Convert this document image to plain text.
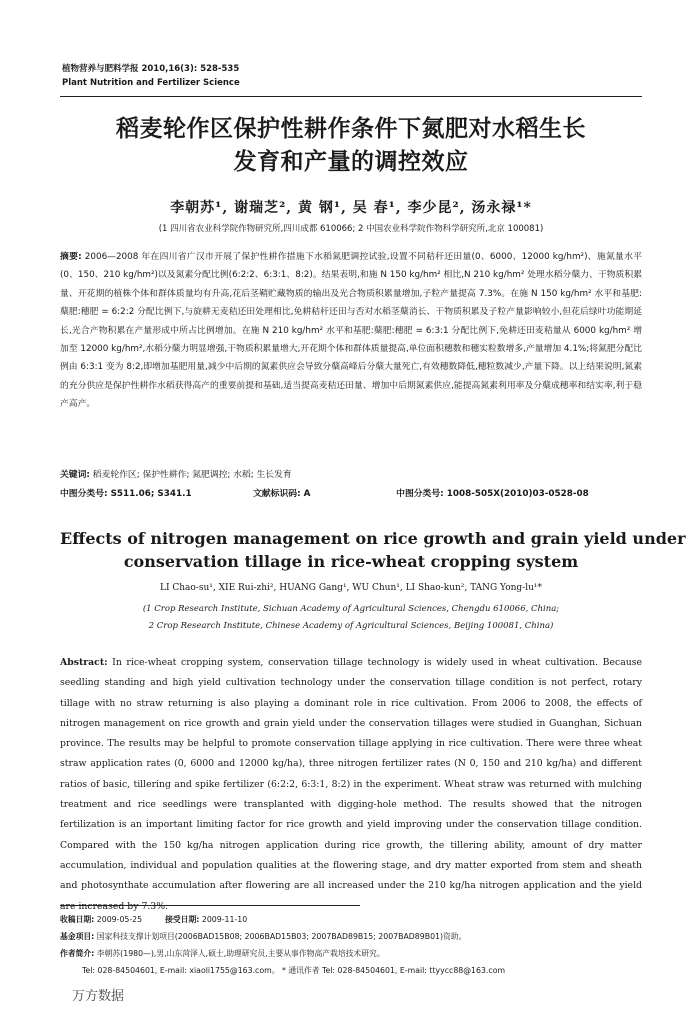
植物营养与肥料学报 2010,16(3): 528-535
Plant Nutrition and Fertilizer Science
稻麦轮作区保护性耕作条件下氮肥对水稻生长
发育和产量的调控效应
李朝苏¹, 谢瑞芝², 黄 钢¹, 吴 春¹, 李少昆², 汤永禄¹*
(1 四川省农业科学院作物研究所,四川成都 610066; 2 中国农业科学院作物科学研究所,北京 100081)
摘要: 2006—2008 年在四川省广汉市开展了保护性耕作措施下水稻氮肥调控试验,设置不同秸秆还田量(0、6000、12000 kg/hm²)、施氮量水平(0、150、210 kg/hm²)以及氮素分配比例(6:2:2、6:3:1、8:2)。结果表明,和施 N 150 kg/hm² 相比,N 210 kg/hm² 处理水稻分蘖力、干物质积累量、开花期的植株个体和群体质量均有升高,花后茎鞘贮藏物质的输出及光合物质积累量增加,子粒产量提高 7.3%。在施 N 150 kg/hm² 水平和基肥:蘖肥:穗肥 = 6:2:2 分配比例下,与旋耕无麦秸还田处理相比,免耕秸秆还田与否对水稻茎蘖消长、干物质积累及子粒产量影响较小,但花后绿叶功能期延长,光合产物积累在产量形成中所占比例增加。在施 N 210 kg/hm² 水平和基肥:蘖肥:穗肥 = 6:3:1 分配比例下,免耕还田麦秸量从 6000 kg/hm² 增加至 12000 kg/hm²,水稻分蘖力明显增强,干物质积累量增大,开花期个体和群体质量提高,单位面积穗数和穗实粒数增多,产量增加 4.1%;将氮肥分配比例由 6:3:1 变为 8:2,即增加基肥用量,减少中后期的氮素供应会导致分蘖高峰后分蘖大量死亡,有效穗数降低,穗粒数减少,产量下降。以上结果说明,氮素的充分供应是保护性耕作水稻获得高产的重要前提和基础,适当提高麦秸还田量、增加中后期氮素供应,能提高氮素利用率及分蘖成穗率和结实率,利于稳产高产。
关键词: 稻麦轮作区; 保护性耕作; 氮肥调控; 水稻; 生长发育
中图分类号: S511.06; S341.1	文献标识码: A	中图分类号: 1008-505X(2010)03-0528-08
Effects of nitrogen management on rice growth and grain yield under
conservation tillage in rice-wheat cropping system
LI Chao-su¹, XIE Rui-zhi², HUANG Gang¹, WU Chun¹, LI Shao-kun², TANG Yong-lu¹*
(1 Crop Research Institute, Sichuan Academy of Agricultural Sciences, Chengdu 610066, China;
2 Crop Research Institute, Chinese Academy of Agricultural Sciences, Beijing 100081, China)
Abstract: In rice-wheat cropping system, conservation tillage technology is widely used in wheat cultivation. Because seedling standing and high yield cultivation technology under the conservation tillage condition is not perfect, rotary tillage with no straw returning is also playing a dominant role in rice cultivation. From 2006 to 2008, the effects of nitrogen management on rice growth and grain yield under the conservation tillages were studied in Guanghan, Sichuan province. The results may be helpful to promote conservation tillage applying in rice cultivation. There were three wheat straw application rates (0, 6000 and 12000 kg/ha), three nitrogen fertilizer rates (N 0, 150 and 210 kg/ha) and different ratios of basic, tillering and spike fertilizer (6:2:2, 6:3:1, 8:2) in the experiment. Wheat straw was returned with mulching treatment and rice seedlings were transplanted with digging-hole method. The results showed that the nitrogen fertilization is an important limiting factor for rice growth and yield improving under the conservation tillage condition. Compared with the 150 kg/ha nitrogen application during rice growth, the tillering ability, amount of dry matter accumulation, individual and population qualities at the flowering stage, and dry matter exported from stem and sheath and photosynthate accumulation after flowering are all increased under the 210 kg/ha nitrogen application and the yield are increased by 7.3%.
收稿日期: 2009-05-25	接受日期: 2009-11-10
基金项目: 国家科技支撑计划项目(2006BAD15B08; 2006BAD15B03; 2007BAD89B15; 2007BAD89B01)资助。
作者简介: 李朝苏(1980—),男,山东菏泽人,硕士,助理研究员,主要从事作物高产栽培技术研究。
Tel: 028-84504601, E-mail: xiaoli1755@163.com。 * 通讯作者 Tel: 028-84504601, E-mail: ttyycc88@163.com
万方数据
